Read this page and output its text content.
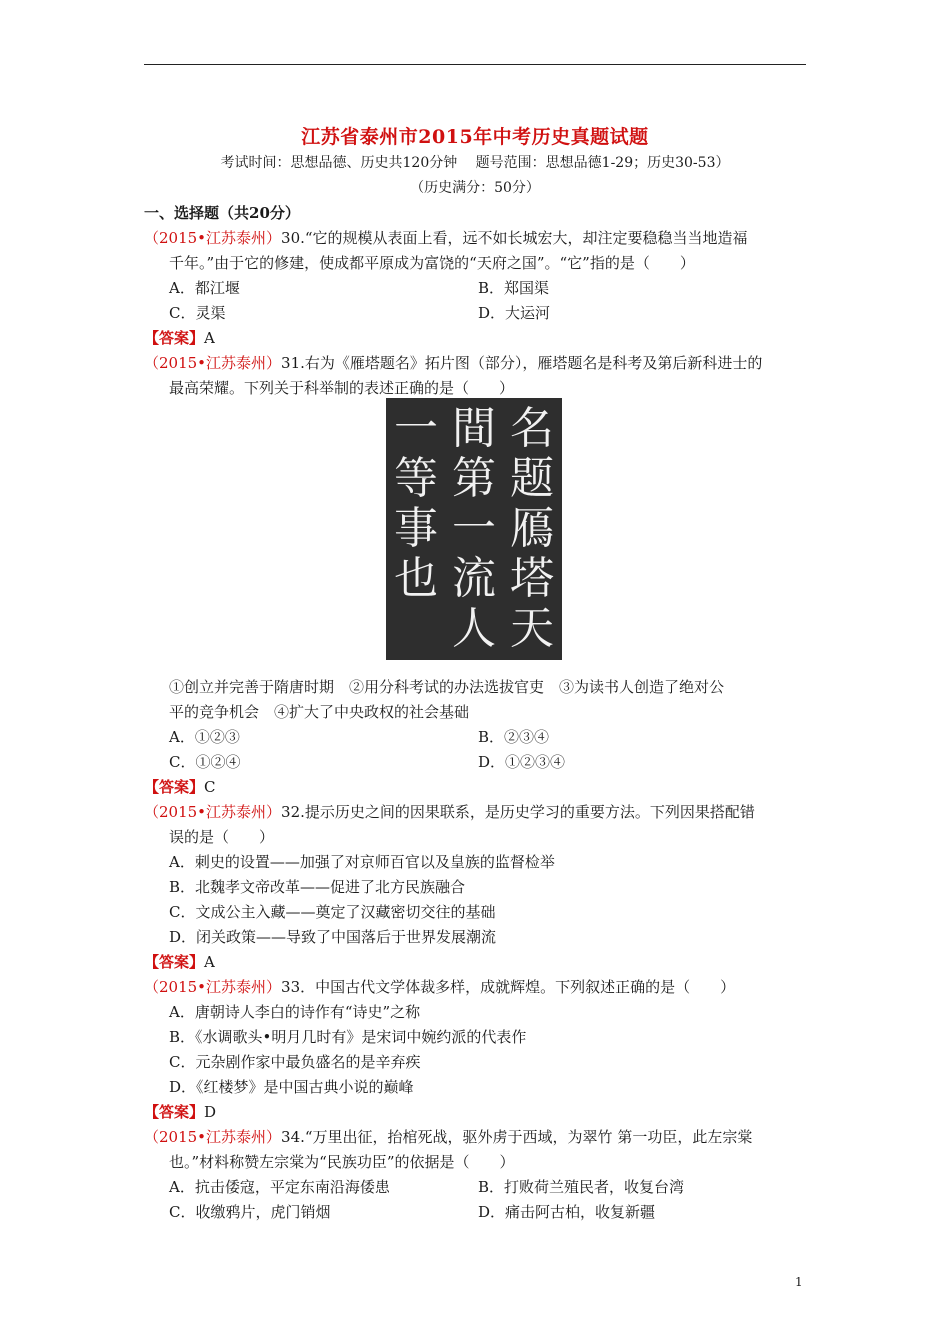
江苏省泰州市2015年中考历史真题试题
考试时间：思想品德、历史共120分钟　 题号范围：思想品德1-29；历史30-53）
（历史满分：50分）
一、选择题（共20分）
（2015•江苏泰州）30.“它的规模从表面上看，远不如长城宏大，却注定要稳稳当当地造福
千年。”由于它的修建，使成都平原成为富饶的“天府之国”。“它”指的是（　　）
A．都江堰	B．郑国渠
C．灵渠	D．大运河
【答案】A
（2015•江苏泰州）31.右为《雁塔题名》拓片图（部分），雁塔题名是科考及第后新科进士的
最高荣耀。下列关于科举制的表述正确的是（　　）
名
题
鴈
塔
天
間
第
一
流
人
一
等
事
也
①创立并完善于隋唐时期　②用分科考试的办法选拔官吏　③为读书人创造了绝对公
平的竞争机会　④扩大了中央政权的社会基础
A．①②③	B．②③④
C．①②④	D．①②③④
【答案】C
（2015•江苏泰州）32.提示历史之间的因果联系，是历史学习的重要方法。下列因果搭配错
误的是（　　）
A．刺史的设置——加强了对京师百官以及皇族的监督检举
B．北魏孝文帝改革——促进了北方民族融合
C．文成公主入藏——奠定了汉藏密切交往的基础
D．闭关政策——导致了中国落后于世界发展潮流
【答案】A
（2015•江苏泰州）33．中国古代文学体裁多样，成就辉煌。下列叙述正确的是（　　）
A．唐朝诗人李白的诗作有“诗史”之称
B．《水调歌头•明月几时有》是宋词中婉约派的代表作
C．元杂剧作家中最负盛名的是辛弃疾
D．《红楼梦》是中国古典小说的巅峰
【答案】D
（2015•江苏泰州）34.“万里出征，抬棺死战，驱外虏于西域，为翠竹 第一功臣，此左宗棠
也。”材料称赞左宗棠为“民族功臣”的依据是（　　）
A．抗击倭寇，平定东南沿海倭患	B．打败荷兰殖民者，收复台湾
C．收缴鸦片，虎门销烟	D．痛击阿古柏，收复新疆
1
